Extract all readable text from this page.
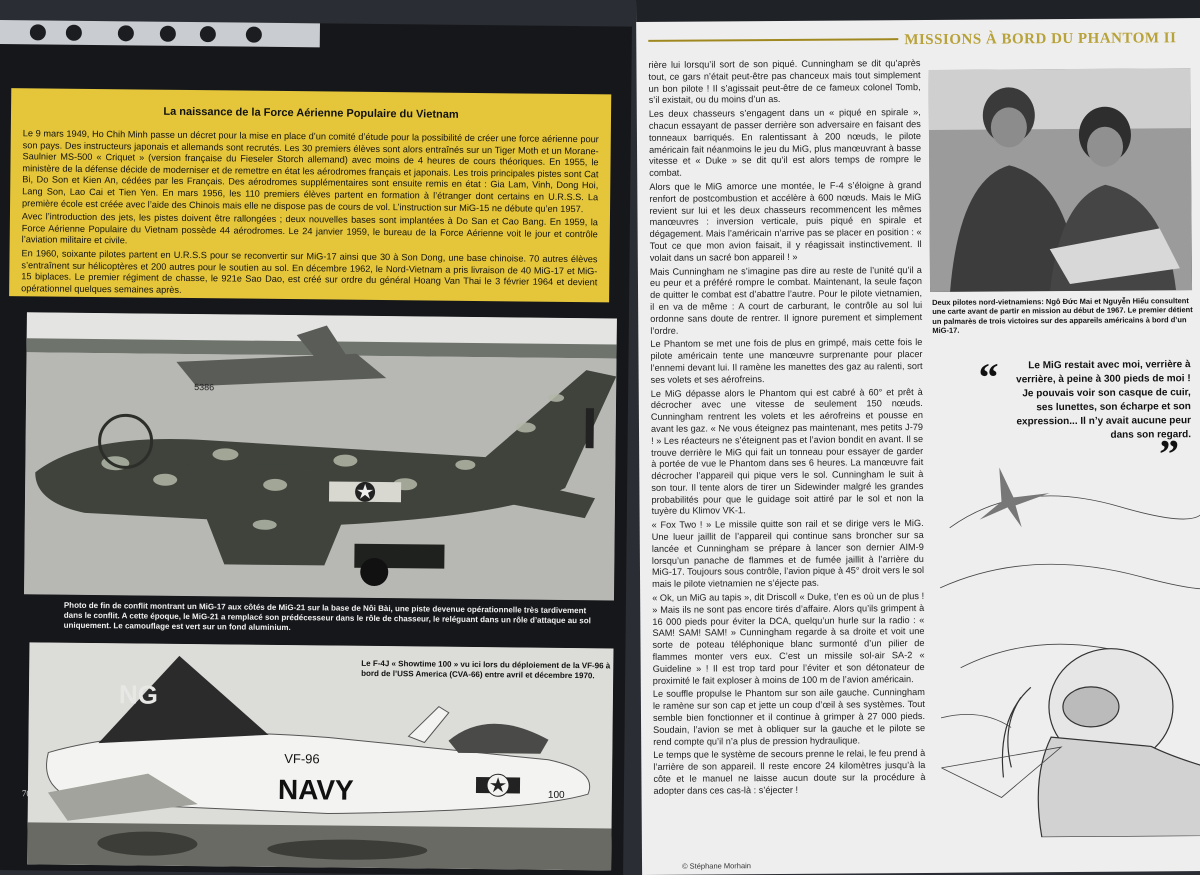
La naissance de la Force Aérienne Populaire du Vietnam

Le 9 mars 1949, Ho Chih Minh passe un décret pour la mise en place d’un comité d’étude pour la possibilité de créer une force aérienne pour son pays. Des instructeurs japonais et allemands sont recrutés. Les 30 premiers élèves sont alors entraînés sur un Tiger Moth et un Morane-Saulnier MS-500 « Criquet » (version française du Fieseler Storch allemand) avec moins de 4 heures de cours théoriques. En 1955, le ministère de la défense décide de moderniser et de remettre en état les aérodromes français et japonais. Les trois principales pistes sont Cat Bi, Do Son et Kien An, cédées par les Français. Des aérodromes supplémentaires sont ensuite remis en état : Gia Lam, Vinh, Dong Hoi, Lang Son, Lao Cai et Tien Yen. En mars 1956, les 110 premiers élèves partent en formation à l’étranger dont certains en U.R.S.S. La première école est créée avec l’aide des Chinois mais elle ne dispose pas de cours de vol. L’instruction sur MiG-15 ne débute qu’en 1957.

Avec l’introduction des jets, les pistes doivent être rallongées ; deux nouvelles bases sont implantées à Do San et Cao Bang. En 1959, la Force Aérienne Populaire du Vietnam possède 44 aérodromes. Le 24 janvier 1959, le bureau de la Force Aérienne voit le jour et contrôle l’aviation militaire et civile.

En 1960, soixante pilotes partent en U.R.S.S pour se reconvertir sur MiG-17 ainsi que 30 à Son Dong, une base chinoise. 70 autres élèves s’entraînent sur hélicoptères et 200 autres pour le soutien au sol. En décembre 1962, le Nord-Vietnam a pris livraison de 40 MiG-17 et MiG-15 biplaces. Le premier régiment de chasse, le 921e Sao Dao, est créé sur ordre du général Hoang Van Thai le 3 février 1964 et devient opérationnel quelques semaines après.

5386
Photo de fin de conflit montrant un MiG-17 aux côtés de MiG-21 sur la base de Nôi Bài, une piste devenue opérationnelle très tardivement dans le conflit. A cette époque, le MiG-21 a remplacé son prédécesseur dans le rôle de chasseur, le reléguant dans un rôle d’attaque au sol uniquement. Le camouflage est vert sur un fond aluminium.
NG
NAVY
VF-96
100
Le F-4J « Showtime 100 » vu ici lors du déploiement de la VF-96 à bord de l’USS America (CVA-66) entre avril et décembre 1970.
70
MISSIONS À BORD DU PHANTOM II

rière lui lorsqu’il sort de son piqué. Cunningham se dit qu’après tout, ce gars n’était peut-être pas chanceux mais tout simplement un bon pilote ! Il s’agissait peut-être de ce fameux colonel Tomb, s’il existait, ou du moins d’un as.

Les deux chasseurs s’engagent dans un « piqué en spirale », chacun essayant de passer derrière son adversaire en faisant des tonneaux barriqués. En ralentissant à 200 nœuds, le pilote américain fait néanmoins le jeu du MiG, plus manœuvrant à basse vitesse et « Duke » se dit qu’il est alors temps de rompre le combat.

Alors que le MiG amorce une montée, le F-4 s’éloigne à grand renfort de postcombustion et accélère à 600 nœuds. Mais le MiG revient sur lui et les deux chasseurs recommencent les mêmes manœuvres : inversion verticale, puis piqué en spirale et dégagement. Mais l’américain n’arrive pas se placer en position : « Tout ce que mon avion faisait, il y réagissait instinctivement. Il volait dans un sacré bon appareil ! »

Mais Cunningham ne s’imagine pas dire au reste de l’unité qu’il a eu peur et a préféré rompre le combat. Maintenant, la seule façon de quitter le combat est d’abattre l’autre. Pour le pilote vietnamien, il en va de même : A court de carburant, le contrôle au sol lui ordonne sans doute de rentrer. Il ignore purement et simplement l’ordre.

Le Phantom se met une fois de plus en grimpé, mais cette fois le pilote américain tente une manœuvre surprenante pour placer l’ennemi devant lui. Il ramène les manettes des gaz au ralenti, sort ses volets et ses aérofreins.

Le MiG dépasse alors le Phantom qui est cabré à 60° et prêt à décrocher avec une vitesse de seulement 150 nœuds. Cunningham rentrent les volets et les aérofreins et pousse en avant les gaz. « Ne vous éteignez pas maintenant, mes petits J-79 ! » Les réacteurs ne s’éteignent pas et l’avion bondit en avant. Il se trouve derrière le MiG qui fait un tonneau pour essayer de garder à portée de vue le Phantom dans ses 6 heures. La manœuvre fait décrocher l’appareil qui pique vers le sol. Cunningham le suit à son tour. Il tente alors de tirer un Sidewinder malgré les grandes probabilités pour que le guidage soit attiré par le sol et non la tuyère du Klimov VK-1.

« Fox Two ! » Le missile quitte son rail et se dirige vers le MiG. Une lueur jaillit de l’appareil qui continue sans broncher sur sa lancée et Cunningham se prépare à lancer son dernier AIM-9 lorsqu’un panache de flammes et de fumée jaillit à l’arrière du MiG-17. Toujours sous contrôle, l’avion pique à 45° droit vers le sol mais le pilote vietnamien ne s’éjecte pas.

« Ok, un MiG au tapis », dit Driscoll « Duke, t’en es où un de plus ! » Mais ils ne sont pas encore tirés d’affaire. Alors qu’ils grimpent à 16 000 pieds pour éviter la DCA, quelqu’un hurle sur la radio : « SAM! SAM! SAM! » Cunningham regarde à sa droite et voit une sorte de poteau téléphonique blanc surmonté d’un pilier de flammes monter vers eux. C’est un missile sol-air SA-2 « Guideline » ! Il est trop tard pour l’éviter et son détonateur de proximité le fait exploser à moins de 100 m de l’avion américain.

Le souffle propulse le Phantom sur son aile gauche. Cunningham le ramène sur son cap et jette un coup d’œil à ses systèmes. Tout semble bien fonctionner et il continue à grimper à 27 000 pieds. Soudain, l’avion se met à obliquer sur la gauche et le pilote se rend compte qu’il n’a plus de pression hydraulique.

Le temps que le système de secours prenne le relai, le feu prend à l’arrière de son appareil. Il reste encore 24 kilomètres jusqu’à la côte et le manuel ne laisse aucun doute sur la procédure à adopter dans ces cas-là : s’éjecter !

Deux pilotes nord-vietnamiens: Ngô Đức Mai et Nguyễn Hiểu consultent une carte avant de partir en mission au début de 1967. Le premier détient un palmarès de trois victoires sur des appareils américains à bord d’un MiG-17.
“	Le MiG restait avec moi, verrière à verrière, à peine à 300 pieds de moi ! Je pouvais voir son casque de cuir, ses lunettes, son écharpe et son expression... Il n’y avait aucune peur dans son regard.
”
© Stéphane Morhain
